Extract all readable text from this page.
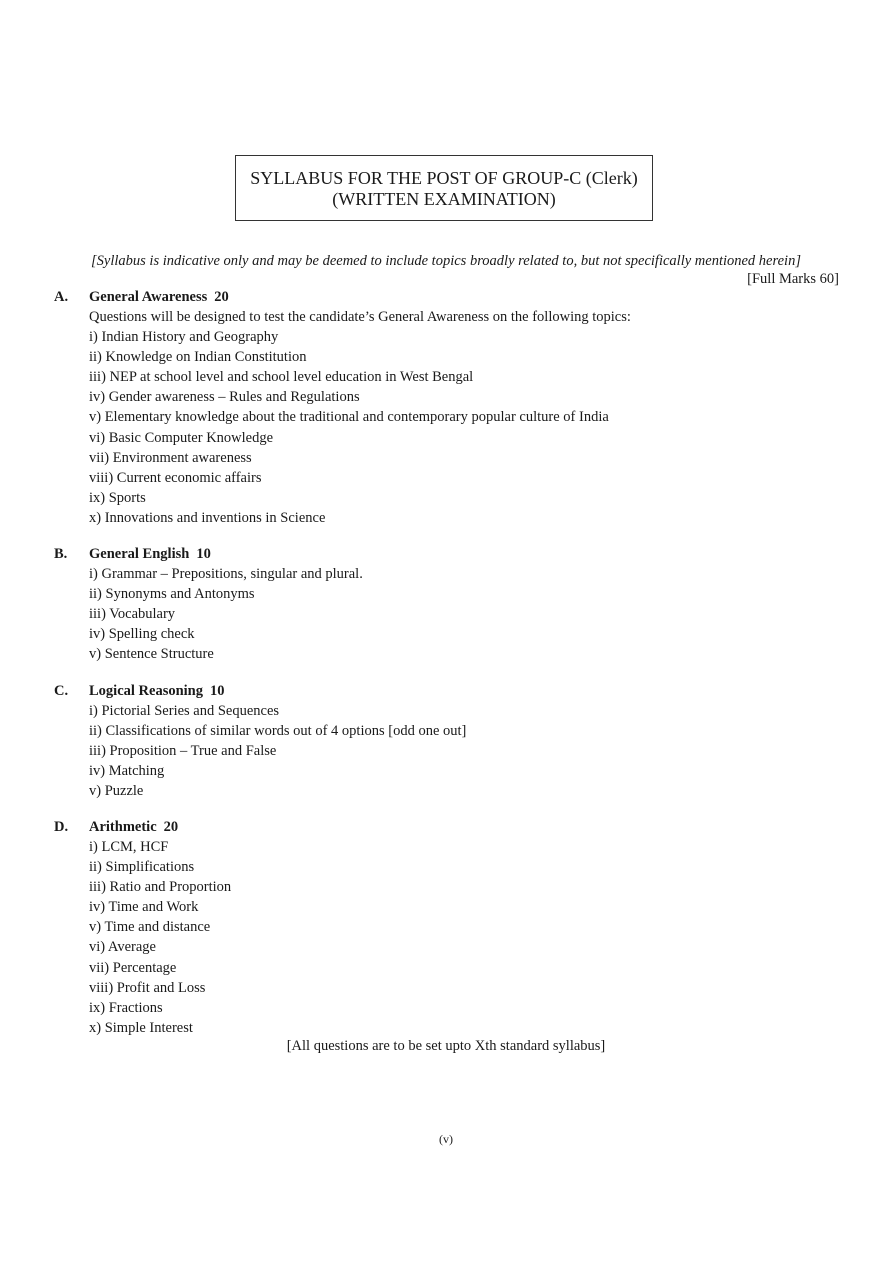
SYLLABUS FOR THE POST OF GROUP-C (Clerk)
(WRITTEN EXAMINATION)
[Syllabus is indicative only and may be deemed to include topics broadly related to, but not specifically mentioned herein]
[Full Marks 60]
A.	General Awareness 20
Questions will be designed to test the candidate’s General Awareness on the following topics:
i) Indian History and Geography
ii) Knowledge on Indian Constitution
iii) NEP at school level and school level education in West Bengal
iv) Gender awareness – Rules and Regulations
v) Elementary knowledge about the traditional and contemporary popular culture of India
vi) Basic Computer Knowledge
vii) Environment awareness
viii) Current economic affairs
ix) Sports
x) Innovations and inventions in Science
B.	General English 10
i) Grammar – Prepositions, singular and plural.
ii) Synonyms and Antonyms
iii) Vocabulary
iv) Spelling check
v) Sentence Structure
C.	Logical Reasoning 10
i) Pictorial Series and Sequences
ii) Classifications of similar words out of 4 options [odd one out]
iii) Proposition – True and False
iv) Matching
v) Puzzle
D.	Arithmetic 20
i) LCM, HCF
ii) Simplifications
iii) Ratio and Proportion
iv) Time and Work
v) Time and distance
vi) Average
vii) Percentage
viii) Profit and Loss
ix) Fractions
x) Simple Interest
[All questions are to be set upto Xth standard syllabus]
(v)
